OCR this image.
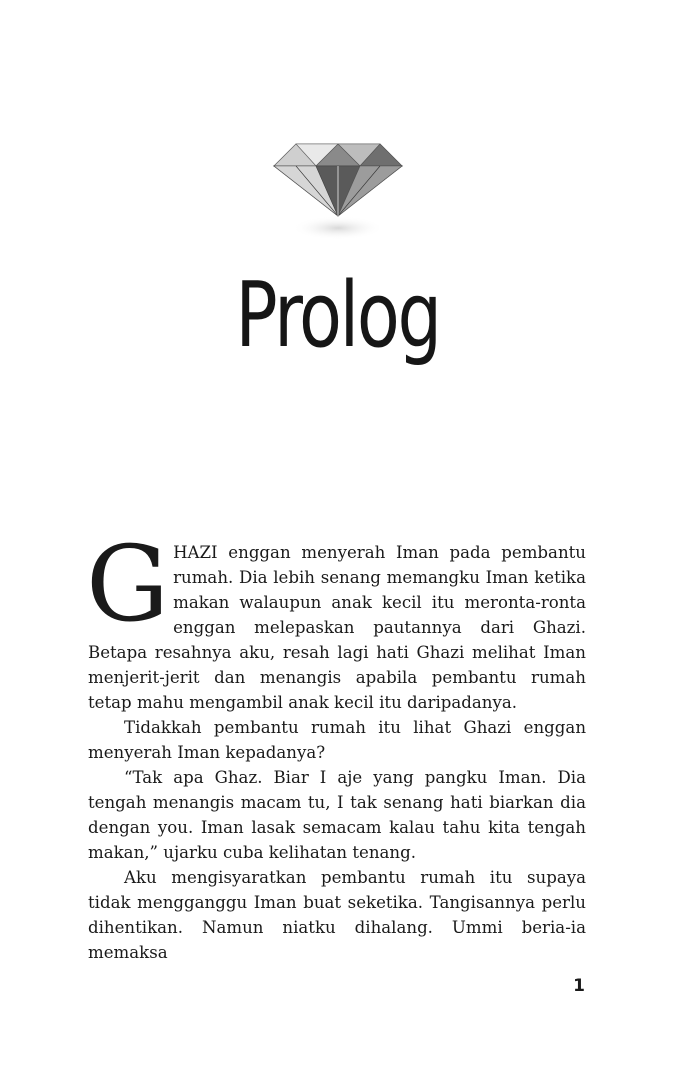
Prolog

GHAZI enggan menyerah Iman pada pembantu rumah. Dia lebih senang memangku Iman ketika makan walaupun anak kecil itu meronta-ronta enggan melepaskan pautannya dari Ghazi. Betapa resahnya aku, resah lagi hati Ghazi melihat Iman menjerit-jerit dan menangis apabila pembantu rumah tetap mahu mengambil anak kecil itu daripadanya.

Tidakkah pembantu rumah itu lihat Ghazi enggan menyerah Iman kepadanya?

“Tak apa Ghaz. Biar I aje yang pangku Iman. Dia tengah menangis macam tu, I tak senang hati biarkan dia dengan you. Iman lasak semacam kalau tahu kita tengah makan,” ujarku cuba kelihatan tenang.

Aku mengisyaratkan pembantu rumah itu supaya tidak mengganggu Iman buat seketika. Tangisannya perlu dihentikan. Namun niatku dihalang. Ummi beria-ia memaksa

1
